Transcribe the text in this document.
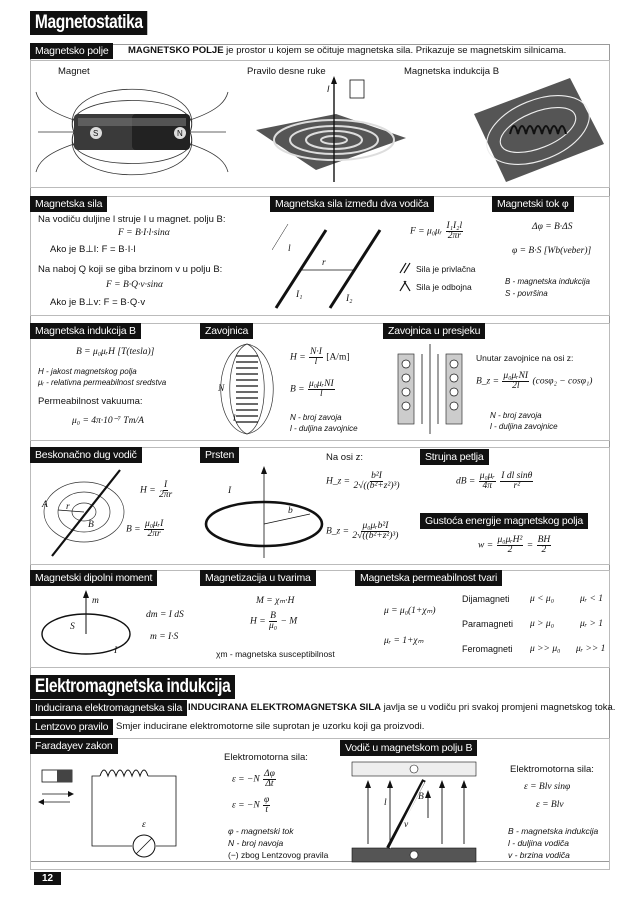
Magnetostatika
Magnetsko polje	MAGNETSKO POLJE je prostor u kojem se očituje magnetska sila. Prikazuje se magnetskim silnicama.
Magnet	Pravilo desne ruke	Magnetska indukcija B
S	N
I
Magnetska sila
Na vodiču duljine l struje I u magnet. polju B:
F = B·I·l·sinα
Ako je B⊥I: F = B·I·l
Na naboj Q koji se giba brzinom v u polju B:
F = B·Q·v·sinα
Ako je B⊥v: F = B·Q·v
Magnetska sila između dva vodiča
l
r
I₁	I₂
F = μ₀μᵣ $\frac{\text{I₁I₂l}}{2\pi r}$
Sila je privlačna
Sila je odbojna
Magnetski tok φ
Δφ = B·ΔS
φ = B·S [Wb(veber)]
B - magnetska indukcija
S - površina
Magnetska indukcija B
B = μ₀μᵣH [T(tesla)]
H - jakost magnetskog polja
μᵣ - relativna permeabilnost sredstva
Permeabilnost vakuuma:
μ₀ = 4π·10⁻⁷ Tm/A
Zavojnica
N
l
$H = \frac{N\cdot I}{l} [A/m]$
$B = \frac{\text{μ₀μᵣNI}}{l}$
N - broj zavoja
l - duljina zavojnice
Zavojnica u presjeku
Unutar zavojnice na osi z:
B_z = $\frac{\text{μ₀μᵣNI}}{2l} (\cos\varphi_2 - \cos\varphi_1)$
N - broj zavoja
l - duljina zavojnice
Beskonačno dug vodič
A
B
r
$H = \frac{I}{2\pi r}$
$B = \frac{\text{μ₀μᵣI}}{2\pi r}$
Prsten
I
b
Na osi z:
H_z = $\frac{\text{b²I}}{\text{2√((b²+z²)³)}}$
B_z = $\frac{\text{μ₀μᵣb²I}}{\text{2√((b²+z²)³)}}$
Strujna petlja
dB = $\frac{\text{μ₀μᵣ}}{4\pi}$
$\frac{\text{I dl sinθ}}{\text{r²}}$
Gustoća energije magnetskog polja
$w = \frac{\text{μ₀μᵣH²}}{2} = \frac{BH}{2}$
Magnetski dipolni moment
m
S
I
dm = I dS
m = I·S
Magnetizacija u tvarima
M = χₘ·H
$H = \frac{B}{\text{μ₀}} - M$
χm - magnetska susceptibilnost
Magnetska permeabilnost tvari
μ = μ₀(1+χₘ)
μᵣ = 1+χₘ
Dijamagneti μ < μ₀	μᵣ < 1
Paramagneti μ > μ₀	μᵣ > 1
Feromagneti μ >> μ₀ μᵣ >> 1
Elektromagnetska indukcija
Inducirana elektromagnetska sila INDUCIRANA ELEKTROMAGNETSKA SILA javlja se u vodiču pri svakoj promjeni magnetskog toka.
Lentzovo pravilo Smjer inducirane elektromotorne sile suprotan je uzorku koji ga proizvodi.
Faradayev zakon
ε
Elektromotorna sila:
$\varepsilon = -N \frac{\Delta\varphi}{\Delta t}$
$\varepsilon = -N \frac{\varphi}{t}$
φ - magnetski tok
N - broj navoja
(−) zbog Lentzovog pravila
Vodič u magnetskom polju B
B
v
l
Elektromotorna sila:
ε = Blv sinφ
ε = Blv
B - magnetska indukcija
l - duljina vodiča
v - brzina vodiča
12
